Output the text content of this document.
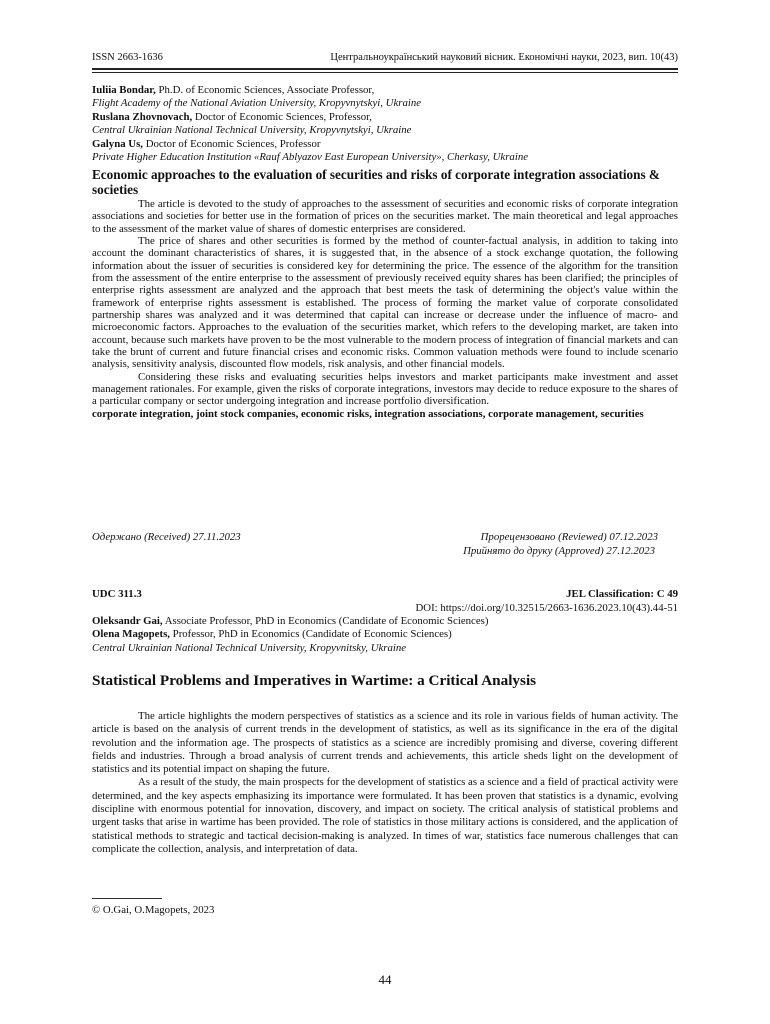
ISSN 2663-1636	Центральноукраїнський науковий вісник. Економічні науки, 2023, вип. 10(43)

Iuliia Bondar, Ph.D. of Economic Sciences, Associate Professor,

Flight Academy of the National Aviation University, Kropyvnytskyi, Ukraine

Ruslana Zhovnovach, Doctor of Economic Sciences, Professor,

Central Ukrainian National Technical University, Kropyvnytskyi, Ukraine

Galyna Us, Doctor of Economic Sciences, Professor

Private Higher Education Institution «Rauf Ablyazov East European University», Cherkasy, Ukraine

Economic approaches to the evaluation of securities and risks of corporate integration associations & societies

The article is devoted to the study of approaches to the assessment of securities and economic risks of corporate integration associations and societies for better use in the formation of prices on the securities market. The main theoretical and legal approaches to the assessment of the market value of shares of domestic enterprises are considered.

The price of shares and other securities is formed by the method of counter-factual analysis, in addition to taking into account the dominant characteristics of shares, it is suggested that, in the absence of a stock exchange quotation, the following information about the issuer of securities is considered key for determining the price. The essence of the algorithm for the transition from the assessment of the entire enterprise to the assessment of previously received equity shares has been clarified; the principles of enterprise rights assessment are analyzed and the approach that best meets the task of determining the object's value within the framework of enterprise rights assessment is established. The process of forming the market value of corporate consolidated partnership shares was analyzed and it was determined that capital can increase or decrease under the influence of macro- and microeconomic factors. Approaches to the evaluation of the securities market, which refers to the developing market, are taken into account, because such markets have proven to be the most vulnerable to the modern process of integration of financial markets and can take the brunt of current and future financial crises and economic risks. Common valuation methods were found to include scenario analysis, sensitivity analysis, discounted flow models, risk analysis, and other financial models.

Considering these risks and evaluating securities helps investors and market participants make investment and asset management rationales. For example, given the risks of corporate integrations, investors may decide to reduce exposure to the shares of a particular company or sector undergoing integration and increase portfolio diversification.

corporate integration, joint stock companies, economic risks, integration associations, corporate management, securities

Одержано (Received) 27.11.2023	Прорецензовано (Reviewed) 07.12.2023
Прийнято до друку (Approved) 27.12.2023
UDC 311.3	JEL Classification: C 49
DOI: https://doi.org/10.32515/2663-1636.2023.10(43).44-51

Oleksandr Gai, Associate Professor, PhD in Economics (Candidate of Economic Sciences)

Olena Magopets, Professor, PhD in Economics (Candidate of Economic Sciences)

Central Ukrainian National Technical University, Kropyvnitsky, Ukraine

Statistical Problems and Imperatives in Wartime: a Critical Analysis

The article highlights the modern perspectives of statistics as a science and its role in various fields of human activity. The article is based on the analysis of current trends in the development of statistics, as well as its significance in the era of the digital revolution and the information age. The prospects of statistics as a science are incredibly promising and diverse, covering different fields and industries. Through a broad analysis of current trends and achievements, this article sheds light on the development of statistics and its potential impact on shaping the future.

As a result of the study, the main prospects for the development of statistics as a science and a field of practical activity were determined, and the key aspects emphasizing its importance were formulated. It has been proven that statistics is a dynamic, evolving discipline with enormous potential for innovation, discovery, and impact on society. The critical analysis of statistical problems and urgent tasks that arise in wartime has been provided. The role of statistics in those military actions is considered, and the application of statistical methods to strategic and tactical decision-making is analyzed. In times of war, statistics face numerous challenges that can complicate the collection, analysis, and interpretation of data.

© O.Gai, O.Magopets, 2023
44
